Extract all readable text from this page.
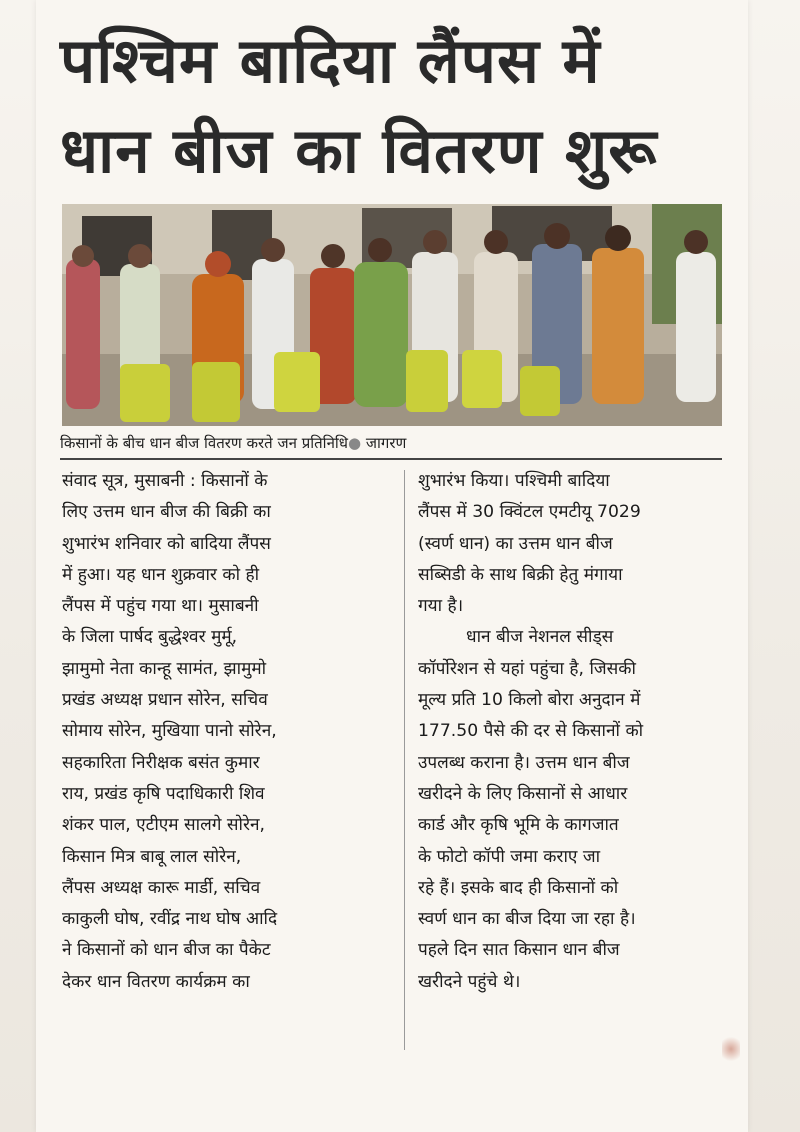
पश्चिम बादिया लैंपस में
धान बीज का वितरण शुरू
किसानों के बीच धान बीज वितरण करते जन प्रतिनिधि● जागरण
संवाद सूत्र, मुसाबनी : किसानों के
लिए उत्तम धान बीज की बिक्री का
शुभारंभ शनिवार को बादिया लैंपस
में हुआ। यह धान शुक्रवार को ही
लैंपस में पहुंच गया था। मुसाबनी
के जिला पार्षद बुद्धेश्वर मुर्मू,
झामुमो नेता कान्हू सामंत, झामुमो
प्रखंड अध्यक्ष प्रधान सोरेन, सचिव
सोमाय सोरेन, मुखियाा पानो सोरेन,
सहकारिता निरीक्षक बसंत कुमार
राय, प्रखंड कृषि पदाधिकारी शिव
शंकर पाल, एटीएम सालगे सोरेन,
किसान मित्र बाबू लाल सोरेन,
लैंपस अध्यक्ष कारू मार्डी, सचिव
काकुली घोष, रवींद्र नाथ घोष आदि
ने किसानों को धान बीज का पैकेट
देकर धान वितरण कार्यक्रम का
शुभारंभ किया। पश्चिमी बादिया
लैंपस में 30 क्विंटल एमटीयू 7029
(स्वर्ण धान) का उत्तम धान बीज
सब्सिडी के साथ बिक्री हेतु मंगाया
गया है।
धान बीज नेशनल सीड्स
कॉर्पोरेशन से यहां पहुंचा है, जिसकी
मूल्य प्रति 10 किलो बोरा अनुदान में
177.50 पैसे की दर से किसानों को
उपलब्ध कराना है। उत्तम धान बीज
खरीदने के लिए किसानों से आधार
कार्ड और कृषि भूमि के कागजात
के फोटो कॉपी जमा कराए जा
रहे हैं। इसके बाद ही किसानों को
स्वर्ण धान का बीज दिया जा रहा है।
पहले दिन सात किसान धान बीज
खरीदने पहुंचे थे।
